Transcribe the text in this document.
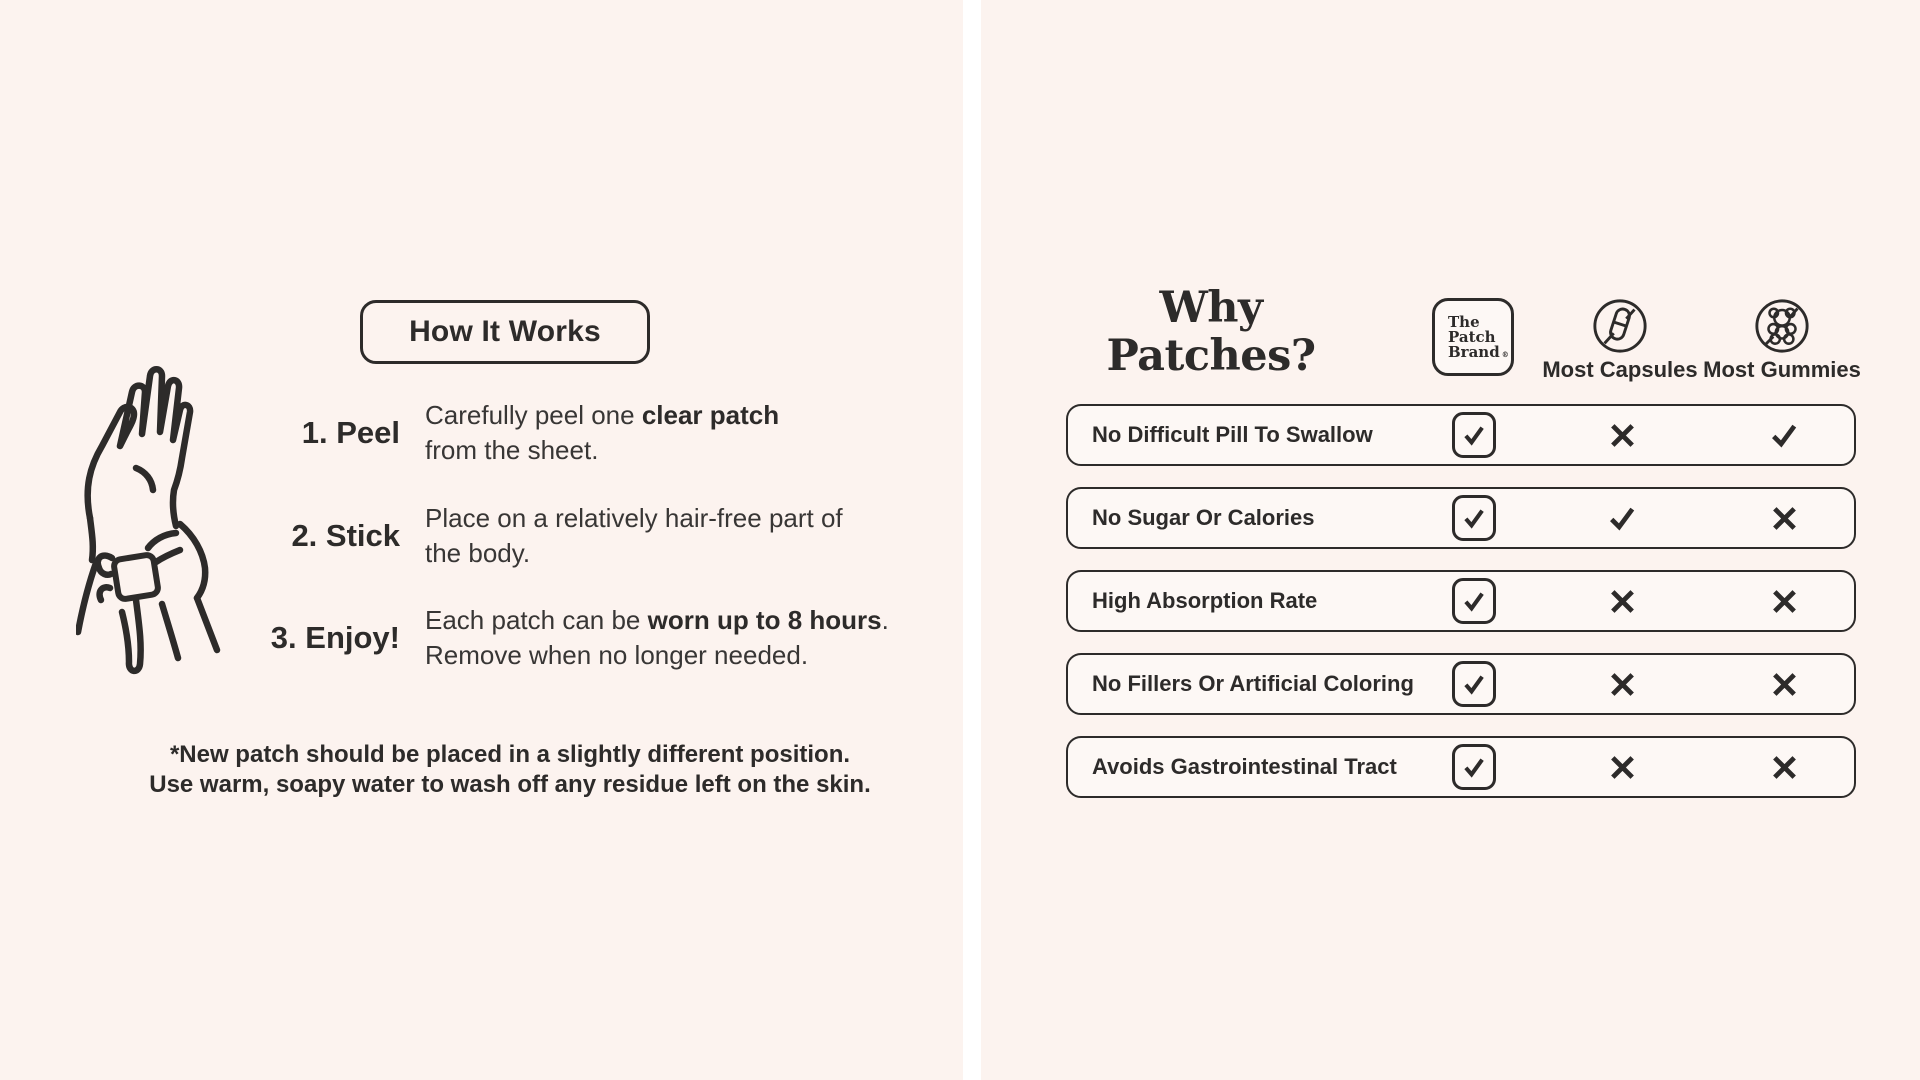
How It Works
1. Peel Carefully peel one clear patch
from the sheet.
2. Stick Place on a relatively hair-free part of
the body.
3. Enjoy! Each patch can be worn up to 8 hours.
Remove when no longer needed.
*New patch should be placed in a slightly different position.
Use warm, soapy water to wash off any residue left on the skin.
Why
Patches?
The
Patch
Brand ®
Most Capsules Most Gummies
No Difficult Pill To Swallow
No Sugar Or Calories
High Absorption Rate
No Fillers Or Artificial Coloring
Avoids Gastrointestinal Tract
